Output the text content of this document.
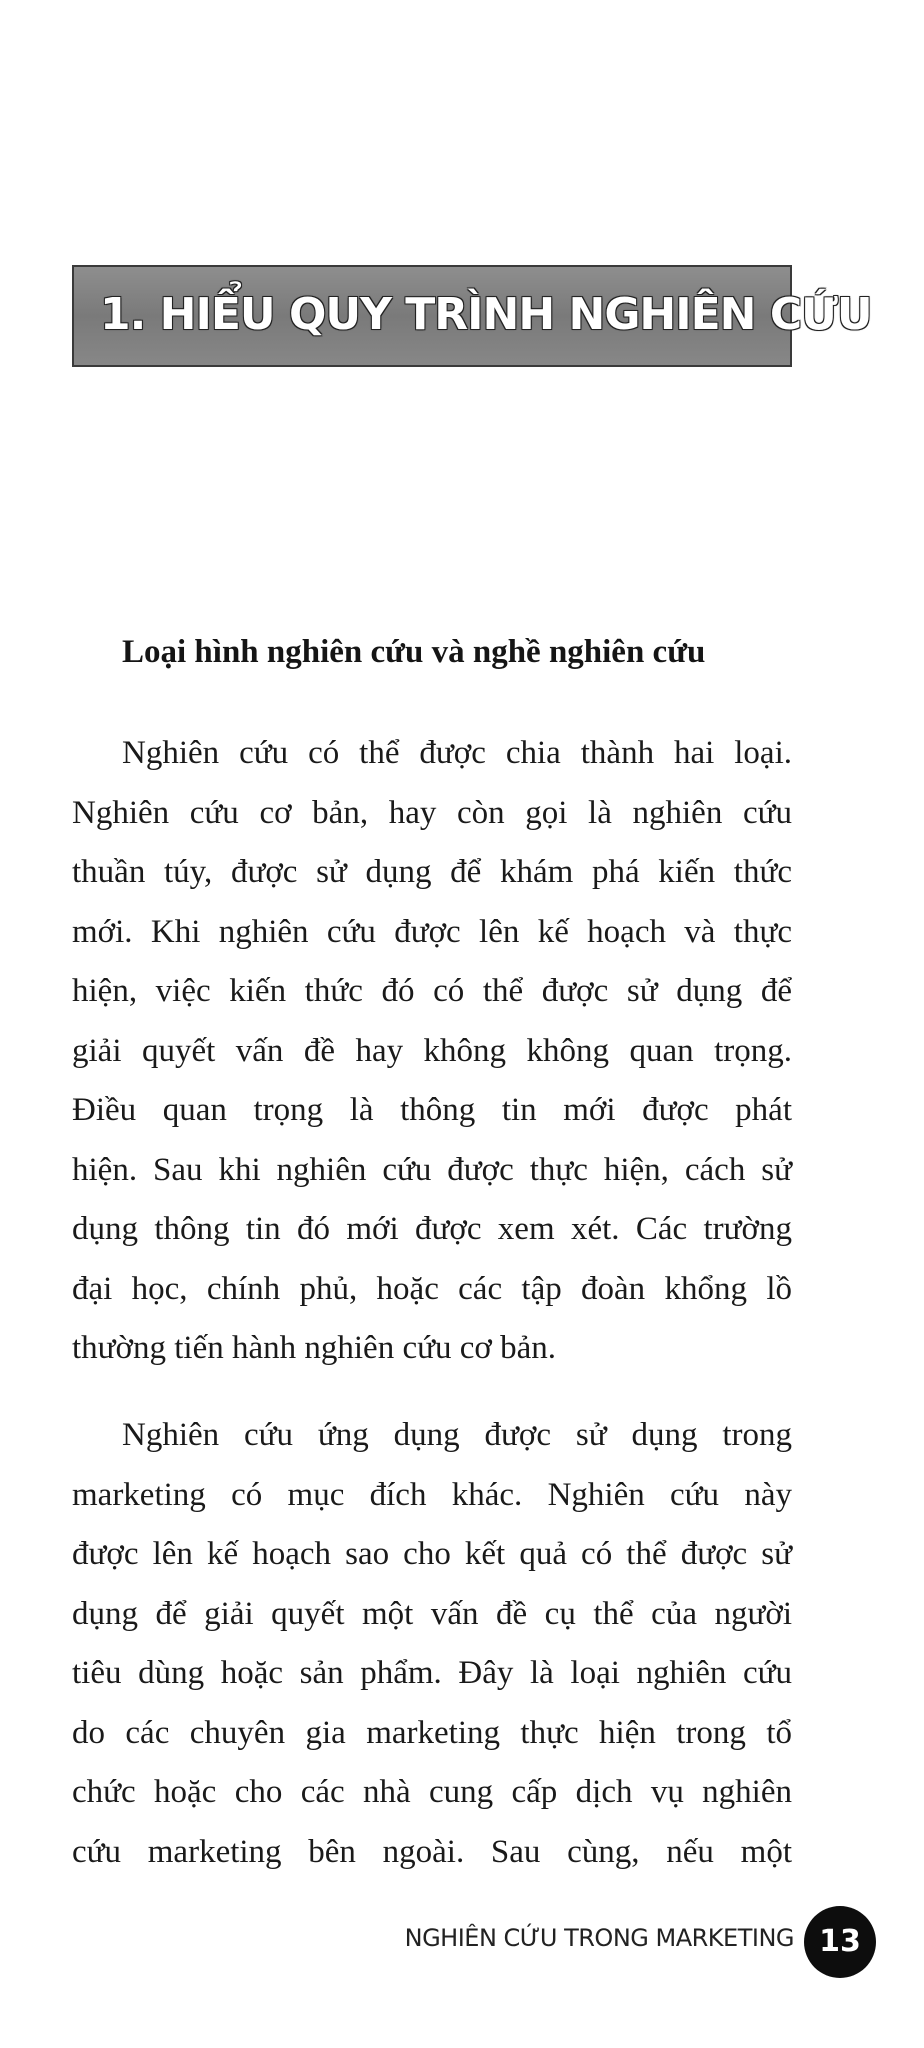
1. HIỂU QUY TRÌNH NGHIÊN CỨU
Loại hình nghiên cứu và nghề nghiên cứu
Nghiên cứu có thể được chia thành hai loại.
Nghiên cứu cơ bản, hay còn gọi là nghiên cứu
thuần túy, được sử dụng để khám phá kiến thức
mới. Khi nghiên cứu được lên kế hoạch và thực
hiện, việc kiến thức đó có thể được sử dụng để
giải quyết vấn đề hay không không quan trọng.
Điều quan trọng là thông tin mới được phát
hiện. Sau khi nghiên cứu được thực hiện, cách sử
dụng thông tin đó mới được xem xét. Các trường
đại học, chính phủ, hoặc các tập đoàn khổng lồ
thường tiến hành nghiên cứu cơ bản.
Nghiên cứu ứng dụng được sử dụng trong
marketing có mục đích khác. Nghiên cứu này
được lên kế hoạch sao cho kết quả có thể được sử
dụng để giải quyết một vấn đề cụ thể của người
tiêu dùng hoặc sản phẩm. Đây là loại nghiên cứu
do các chuyên gia marketing thực hiện trong tổ
chức hoặc cho các nhà cung cấp dịch vụ nghiên
cứu marketing bên ngoài. Sau cùng, nếu một
NGHIÊN CỨU TRONG MARKETING 13
